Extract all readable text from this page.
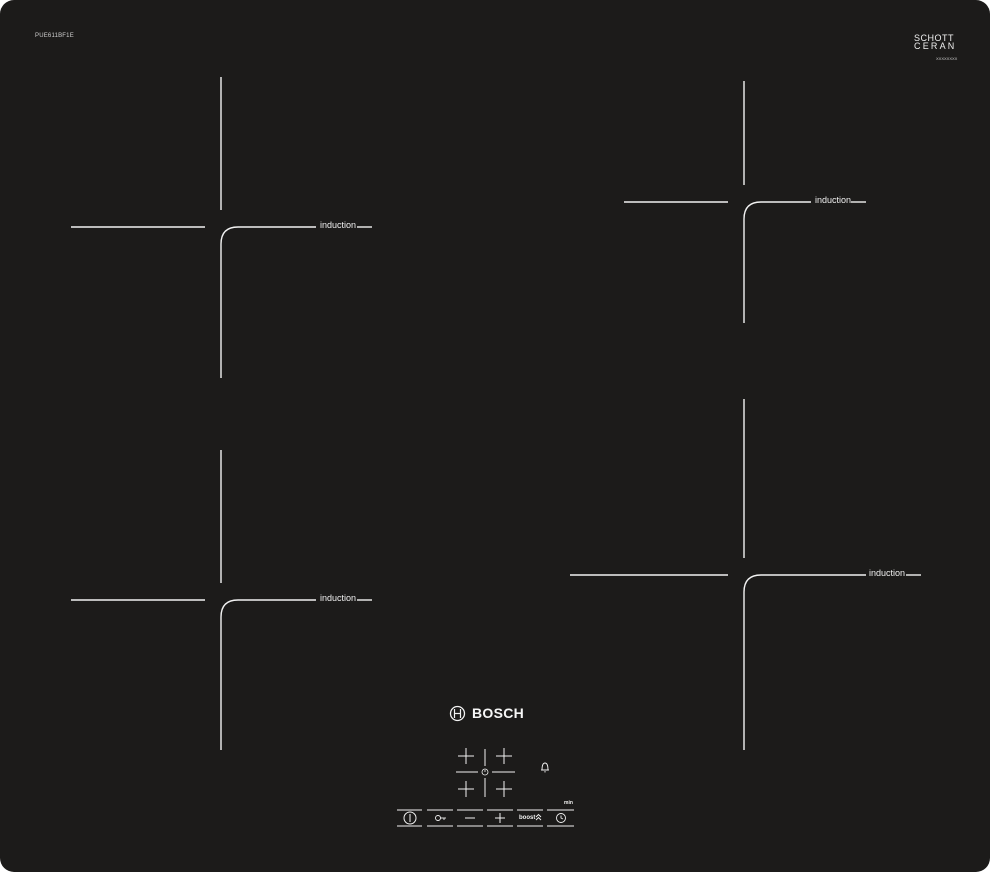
PUE611BF1E	SCHOTT
CERAN
XXXXXXXX
induction
induction
induction
induction
BOSCH
boost
min
